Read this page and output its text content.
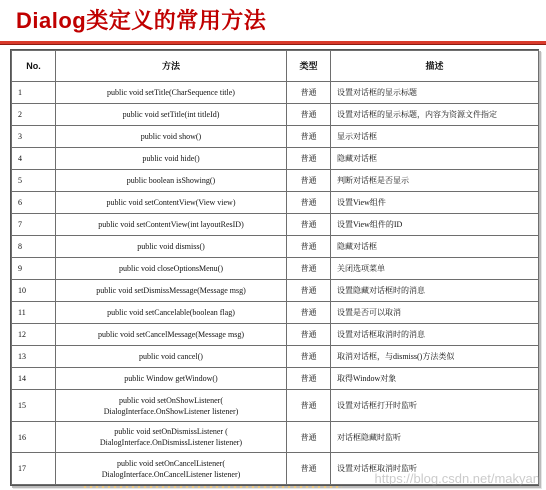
Dialog类定义的常用方法
No.	方法	类型	描述
1	public void setTitle(CharSequence title)	普通	设置对话框的显示标题
2	public void setTitle(int titleId)	普通	设置对话框的显示标题，内容为资源文件指定
3	public void show()	普通	显示对话框
4	public void hide()	普通	隐藏对话框
5	public boolean isShowing()	普通	判断对话框是否显示
6	public void setContentView(View view)	普通	设置View组件
7	public void setContentView(int layoutResID)	普通	设置View组件的ID
8	public void dismiss()	普通	隐藏对话框
9	public void closeOptionsMenu()	普通	关闭选项菜单
10	public void setDismissMessage(Message msg)	普通	设置隐藏对话框时的消息
11	public void setCancelable(boolean flag)	普通	设置是否可以取消
12	public void setCancelMessage(Message msg)	普通	设置对话框取消时的消息
13	public void cancel()	普通	取消对话框，与dismiss()方法类似
14	public Window getWindow()	普通	取得Window对象
15	public void setOnShowListener(
DialogInterface.OnShowListener listener)	普通	设置对话框打开时监听
16	public void setOnDismissListener (
DialogInterface.OnDismissListener listener)	普通	对话框隐藏时监听
17	public void setOnCancelListener(
DialogInterface.OnCancelListener listener)	普通	设置对话框取消时监听
https://blog.csdn.net/makyan
